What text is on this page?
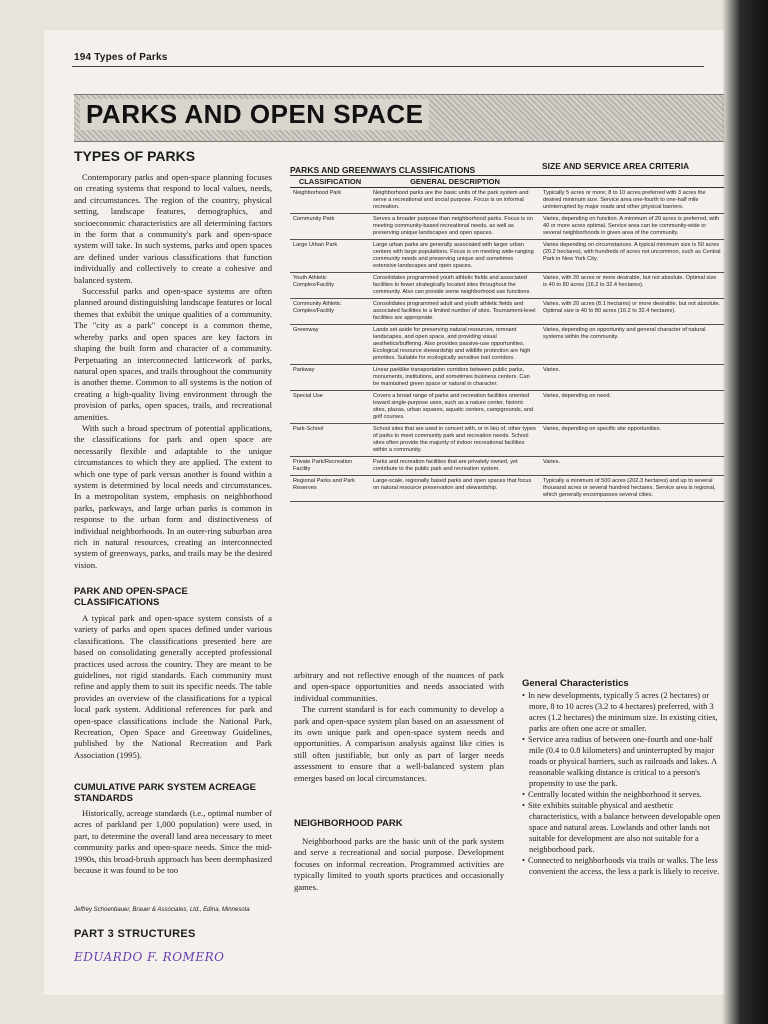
194 Types of Parks
PARKS AND OPEN SPACE
TYPES OF PARKS

Contemporary parks and open-space planning focuses on creating systems that respond to local values, needs, and circumstances. The region of the country, physical setting, landscape features, demographics, and socioeconomic characteristics are all determining factors in the form that a community's park and open-space system will take. In such systems, parks and open spaces are defined under various classifications that function individually and collectively to create a cohesive and balanced system.

Successful parks and open-space systems are often planned around distinguishing landscape features or local themes that exhibit the unique qualities of a community. The "city as a park" concept is a common theme, whereby parks and open spaces are key factors in shaping the built form and character of a community. Perpetuating an interconnected latticework of parks, natural open spaces, and trails throughout the community is another theme. Common to all systems is the notion of creating a high-quality living environment through the provision of parks, open spaces, trails, and recreational amenities.

With such a broad spectrum of potential applications, the classifications for park and open space are necessarily flexible and adaptable to the unique circumstances to which they are applied. The extent to which one type of park versus another is found within a system is determined by local needs and circumstances. In a metropolitan system, emphasis on neighborhood parks, parkways, and large urban parks is common in response to the urban form and distinctiveness of individual neighborhoods. In an outer-ring suburban area rich in natural resources, creating an interconnected system of greenways, parks, and trails may be the desired vision.

PARK AND OPEN-SPACE CLASSIFICATIONS

A typical park and open-space system consists of a variety of parks and open spaces defined under various classifications. The classifications presented here are based on consolidating generally accepted professional practices used across the country. They are meant to be guidelines, not rigid standards. Each community must refine and apply them to suit its specific needs. The table provides an overview of the classifications for a typical local park system. Additional references for park and open-space classifications include the National Park, Recreation, Open Space and Greenway Guidelines, published by the National Recreation and Park Association (1995).

CUMULATIVE PARK SYSTEM ACREAGE STANDARDS

Historically, acreage standards (i.e., optimal number of acres of parkland per 1,000 population) were used, in part, to determine the overall land area necessary to meet community parks and open-space needs. Since the mid-1990s, this broad-brush approach has been deemphasized because it was found to be too

PARKS AND GREENWAYS CLASSIFICATIONS	SIZE AND SERVICE AREA CRITERIA
CLASSIFICATION	GENERAL DESCRIPTION	
Neighborhood Park	Neighborhood parks are the basic units of the park system and serve a recreational and social purpose. Focus is on informal recreation.	Typically 5 acres or more; 8 to 10 acres preferred with 3 acres the desired minimum size. Service area one-fourth to one-half mile uninterrupted by major roads and other physical barriers.
Community Park	Serves a broader purpose than neighborhood parks. Focus is on meeting community-based recreational needs, as well as preserving unique landscapes and open spaces.	Varies, depending on function. A minimum of 20 acres is preferred, with 40 or more acres optimal. Service area can be community-wide or several neighborhoods in given area of the community.
Large Urban Park	Large urban parks are generally associated with larger urban centers with large populations. Focus is on meeting wide-ranging community needs and preserving unique and sometimes extensive landscapes and open spaces.	Varies depending on circumstances. A typical minimum size is 50 acres (20.2 hectares), with hundreds of acres not uncommon, such as Central Park in New York City.
Youth Athletic Complex/Facility	Consolidates programmed youth athletic fields and associated facilities to fewer strategically located sites throughout the community. Also can provide some neighborhood use functions.	Varies, with 20 acres or more desirable, but not absolute. Optimal size is 40 to 80 acres (16.2 to 32.4 hectares).
Community Athletic Complex/Facility	Consolidates programmed adult and youth athletic fields and associated facilities to a limited number of sites. Tournament-level facilities are appropriate.	Varies, with 20 acres (8.1 hectares) or more desirable, but not absolute. Optimal size is 40 to 80 acres (16.2 to 32.4 hectares).
Greenway	Lands set aside for preserving natural resources, remnant landscapes, and open space, and providing visual aesthetics/buffering. Also provides passive-use opportunities. Ecological resource stewardship and wildlife protection are high priorities. Suitable for ecologically sensitive trail corridors.	Varies, depending on opportunity and general character of natural systems within the community.
Parkway	Linear parklike transportation corridors between public parks, monuments, institutions, and sometimes business centers. Can be maintained green space or natural in character.	Varies.
Special Use	Covers a broad range of parks and recreation facilities oriented toward single-purpose uses, such as a nature center, historic sites, plazas, urban squares, aquatic centers, campgrounds, and golf courses.	Varies, depending on need.
Park-School	School sites that are used in concert with, or in lieu of, other types of parks to meet community park and recreation needs. School sites often provide the majority of indoor recreational facilities within a community.	Varies, depending on specific site opportunities.
Private Park/Recreation Facility	Parks and recreation facilities that are privately owned, yet contribute to the public park and recreation system.	Varies.
Regional Parks and Park Reserves	Large-scale, regionally based parks and open spaces that focus on natural resource preservation and stewardship.	Typically a minimum of 500 acres (202.3 hectares) and up to several thousand acres or several hundred hectares. Service area is regional, which generally encompasses several cities.

arbitrary and not reflective enough of the nuances of park and open-space opportunities and needs associated with individual communities.

The current standard is for each community to develop a park and open-space system plan based on an assessment of its own unique park and open-space system needs and opportunities. A comparison analysis against like cities is still often justifiable, but only as part of larger needs assessment to ensure that a well-balanced system plan emerges based on local circumstances.

NEIGHBORHOOD PARK

Neighborhood parks are the basic unit of the park system and serve a recreational and social purpose. Development focuses on informal recreation. Programmed activities are typically limited to youth sports practices and occasionally games.

General Characteristics
• In new developments, typically 5 acres (2 hectares) or more, 8 to 10 acres (3.2 to 4 hectares) preferred, with 3 acres (1.2 hectares) the minimum size. In existing cities, parks are often one acre or smaller.
• Service area radius of between one-fourth and one-half mile (0.4 to 0.8 kilometers) and uninterrupted by major roads or physical barriers, such as railroads and lakes. A reasonable walking distance is critical to a person's propensity to use the park.
• Centrally located within the neighborhood it serves.
• Site exhibits suitable physical and aesthetic characteristics, with a balance between developable open space and natural areas. Lowlands and other lands not suitable for development are also not suitable for a neighborhood park.
• Connected to neighborhoods via trails or walks. The less convenient the access, the less a park is likely to receive.
Jeffrey Schoenbauer, Brauer & Associates, Ltd., Edina, Minnesota
PART 3 STRUCTURES
EDUARDO F. ROMERO
